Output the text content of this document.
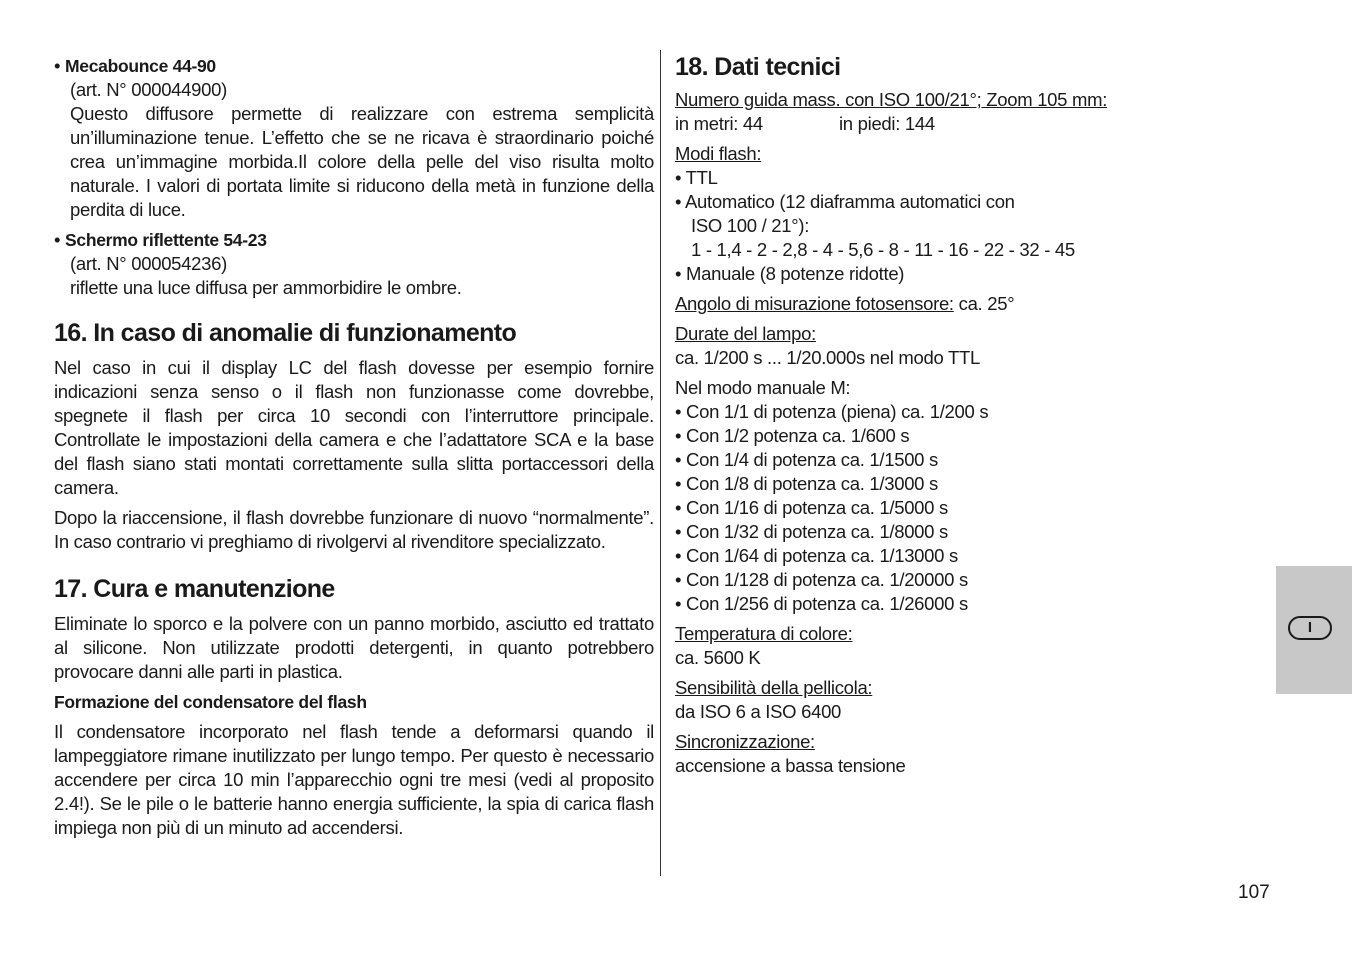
• Mecabounce 44-90
(art. N° 000044900)
Questo diffusore permette di realizzare con estrema semplicità un’illuminazione tenue. L’effetto che se ne ricava è straordinario poiché crea un’immagine morbida.Il colore della pelle del viso risulta molto naturale. I valori di portata limite si riducono della metà in funzione della perdita di luce.
• Schermo riflettente 54-23
(art. N° 000054236)
riflette una luce diffusa per ammorbidire le ombre.
16. In caso di anomalie di funzionamento

Nel caso in cui il display LC del flash dovesse per esempio fornire indicazioni senza senso o il flash non funzionasse come dovrebbe, spegnete il flash per circa 10 secondi con l’interruttore principale. Controllate le impostazioni della camera e che l’adattatore SCA e la base del flash siano stati montati correttamente sulla slitta portaccessori della camera.

Dopo la riaccensione, il flash dovrebbe funzionare di nuovo “normalmente”. In caso contrario vi preghiamo di rivolgervi al rivenditore specializzato.

17. Cura e manutenzione

Eliminate lo sporco e la polvere con un panno morbido, asciutto ed trattato al silicone. Non utilizzate prodotti detergenti, in quanto potrebbero provocare danni alle parti in plastica.

Formazione del condensatore del flash

Il condensatore incorporato nel flash tende a deformarsi quando il lampeggiatore rimane inutilizzato per lungo tempo. Per questo è necessario accendere per circa 10 min l’apparecchio ogni tre mesi (vedi al proposito 2.4!). Se le pile o le batterie hanno energia sufficiente, la spia di carica flash impiega non più di un minuto ad accendersi.

18. Dati tecnici
Numero guida mass. con ISO 100/21°; Zoom 105 mm:
in metri: 44	in piedi: 144
Modi flash:
• TTL
• Automatico (12 diaframma automatici con
ISO 100 / 21°):
1 - 1,4 - 2 - 2,8 - 4 - 5,6 - 8 - 11 - 16 - 22 - 32 - 45
• Manuale (8 potenze ridotte)
Angolo di misurazione fotosensore: ca. 25°
Durate del lampo:
ca. 1/200 s ... 1/20.000s nel modo TTL
Nel modo manuale M:
• Con 1/1 di potenza (piena) ca. 1/200 s
• Con 1/2 potenza ca. 1/600 s
• Con 1/4 di potenza ca. 1/1500 s
• Con 1/8 di potenza ca. 1/3000 s
• Con 1/16 di potenza ca. 1/5000 s
• Con 1/32 di potenza ca. 1/8000 s
• Con 1/64 di potenza ca. 1/13000 s
• Con 1/128 di potenza ca. 1/20000 s
• Con 1/256 di potenza ca. 1/26000 s
Temperatura di colore:
ca. 5600 K
Sensibilità della pellicola:
da ISO 6 a ISO 6400
Sincronizzazione:
accensione a bassa tensione
I
107
